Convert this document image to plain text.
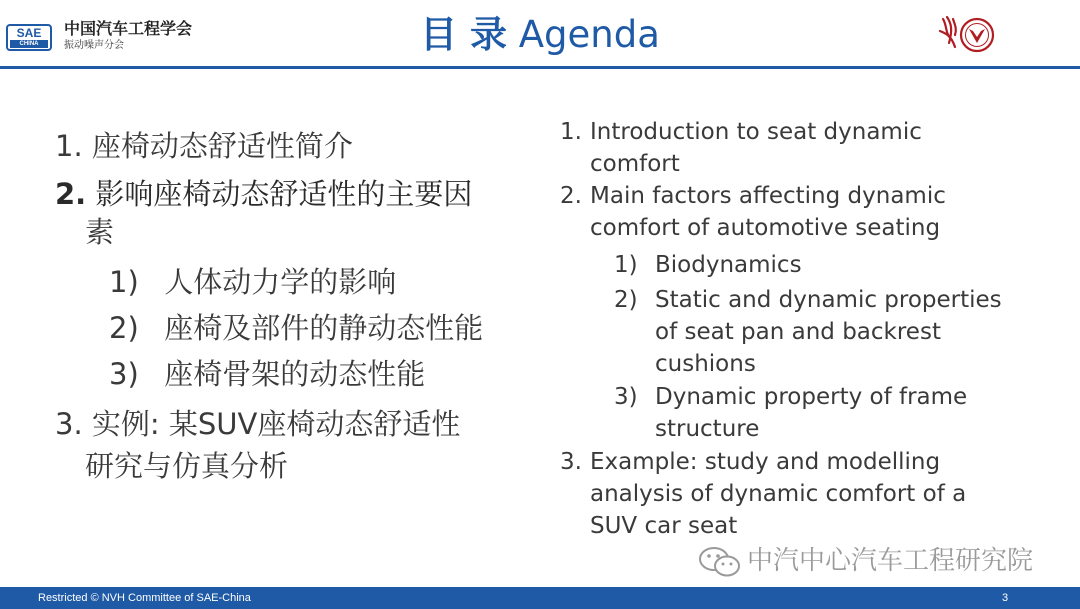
SAE
CHINA
中国汽车工程学会
振动噪声分会	目 录 Agenda
1. 座椅动态舒适性简介
2. 影响座椅动态舒适性的主要因
素
1) 人体动力学的影响
2) 座椅及部件的静动态性能
3) 座椅骨架的动态性能
3. 实例: 某SUV座椅动态舒适性
研究与仿真分析
1. Introduction to seat dynamic
comfort
2. Main factors affecting dynamic
comfort of automotive seating
1) Biodynamics
2) Static and dynamic properties
of seat pan and backrest
cushions
3) Dynamic property of frame
structure
3. Example: study and modelling
analysis of dynamic comfort of a
SUV car seat
中汽中心汽车工程研究院
Restricted © NVH Committee of SAE-China	3
